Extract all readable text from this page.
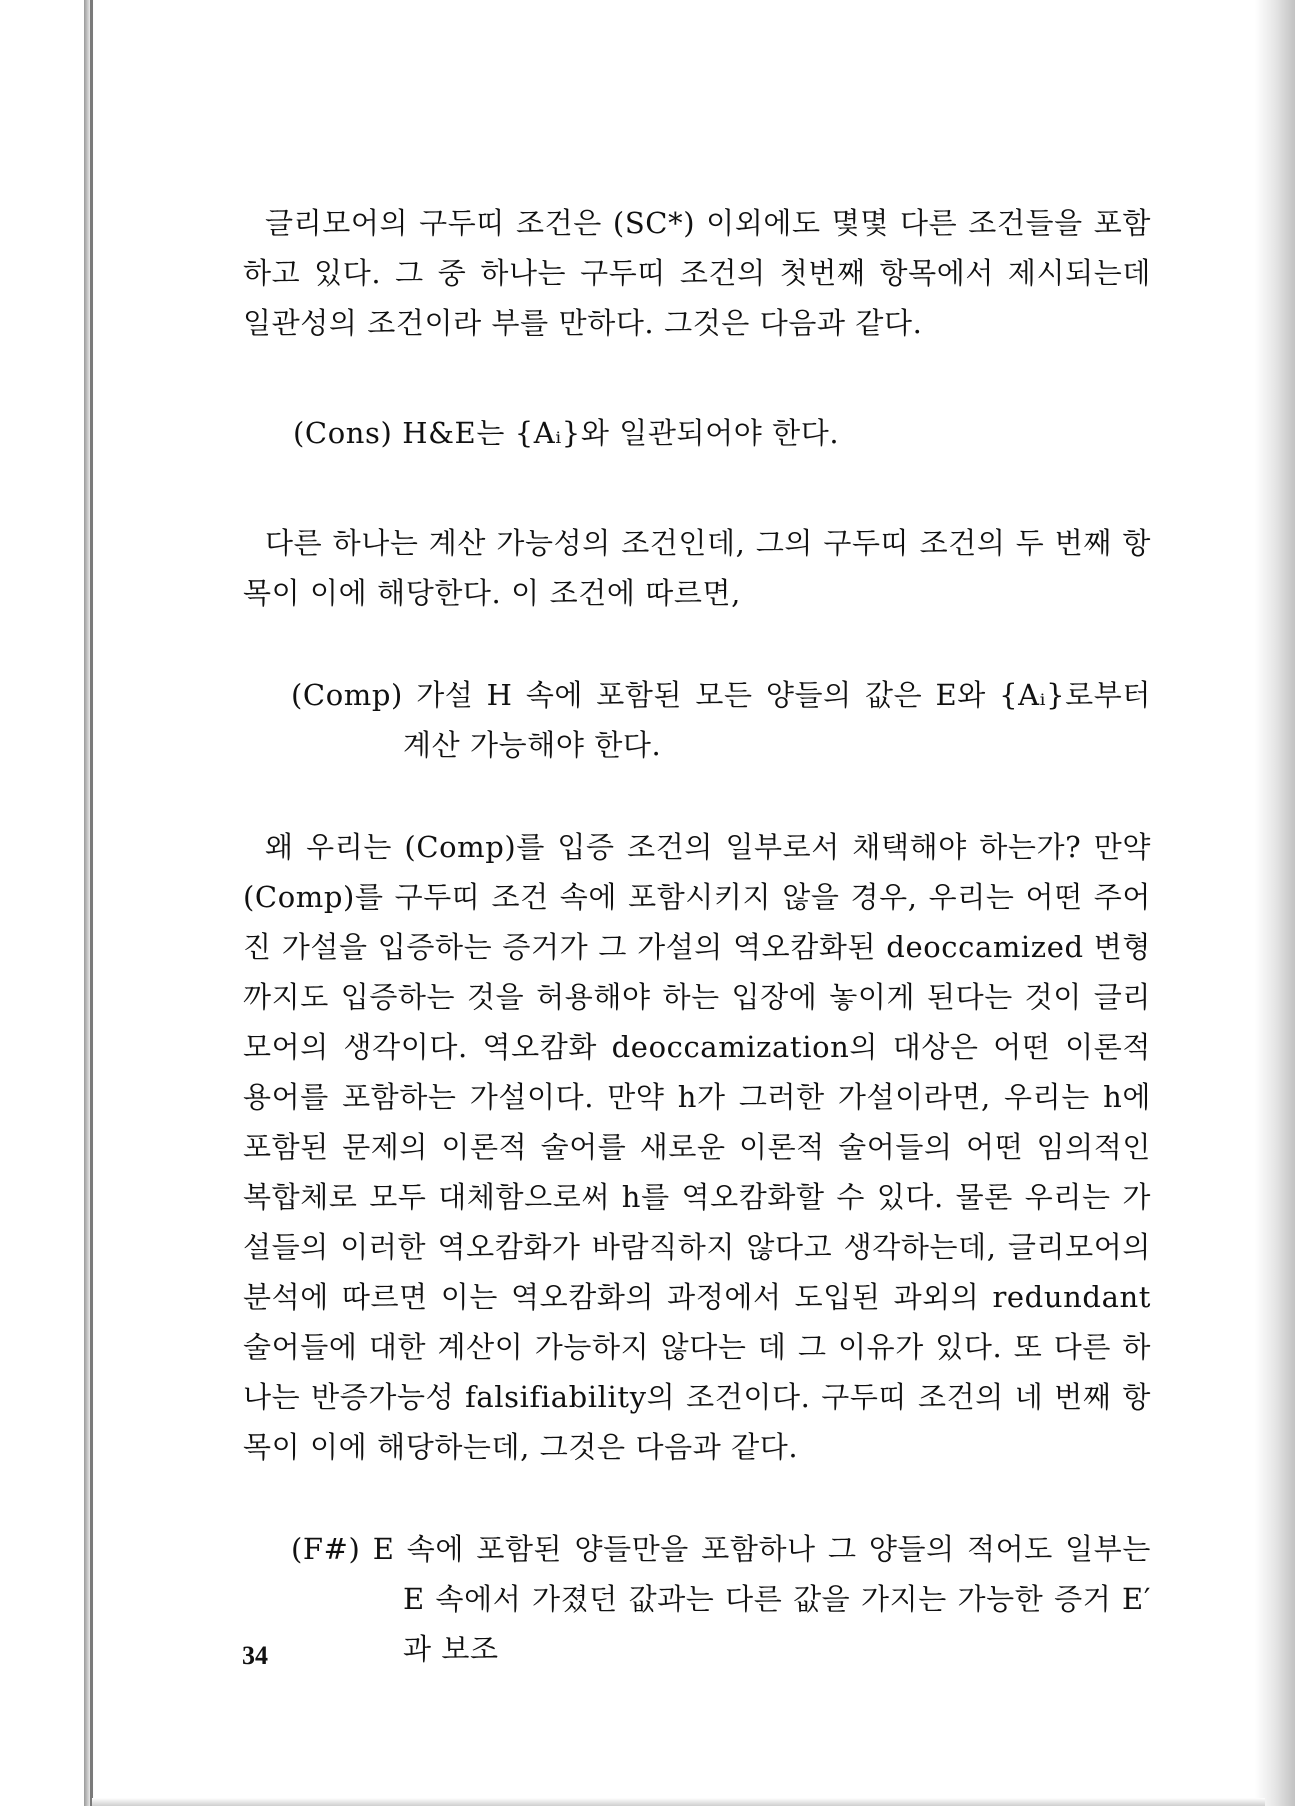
글리모어의 구두띠 조건은 (SC*) 이외에도 몇몇 다른 조건들을 포함하고 있다. 그 중 하나는 구두띠 조건의 첫번째 항목에서 제시되는데 일관성의 조건이라 부를 만하다. 그것은 다음과 같다.

(Cons) H&E는 {Aᵢ}와 일관되어야 한다.

다른 하나는 계산 가능성의 조건인데, 그의 구두띠 조건의 두 번째 항목이 이에 해당한다. 이 조건에 따르면,

(Comp) 가설 H 속에 포함된 모든 양들의 값은 E와 {Aᵢ}로부터 계산 가능해야 한다.

왜 우리는 (Comp)를 입증 조건의 일부로서 채택해야 하는가? 만약 (Comp)를 구두띠 조건 속에 포함시키지 않을 경우, 우리는 어떤 주어진 가설을 입증하는 증거가 그 가설의 역오캄화된 deoccamized 변형까지도 입증하는 것을 허용해야 하는 입장에 놓이게 된다는 것이 글리모어의 생각이다. 역오캄화 deoccamization의 대상은 어떤 이론적 용어를 포함하는 가설이다. 만약 h가 그러한 가설이라면, 우리는 h에 포함된 문제의 이론적 술어를 새로운 이론적 술어들의 어떤 임의적인 복합체로 모두 대체함으로써 h를 역오캄화할 수 있다. 물론 우리는 가설들의 이러한 역오캄화가 바람직하지 않다고 생각하는데, 글리모어의 분석에 따르면 이는 역오캄화의 과정에서 도입된 과외의 redundant 술어들에 대한 계산이 가능하지 않다는 데 그 이유가 있다. 또 다른 하나는 반증가능성 falsifiability의 조건이다. 구두띠 조건의 네 번째 항목이 이에 해당하는데, 그것은 다음과 같다.

(F#) E 속에 포함된 양들만을 포함하나 그 양들의 적어도 일부는 E 속에서 가졌던 값과는 다른 값을 가지는 가능한 증거 E′과 보조

34
